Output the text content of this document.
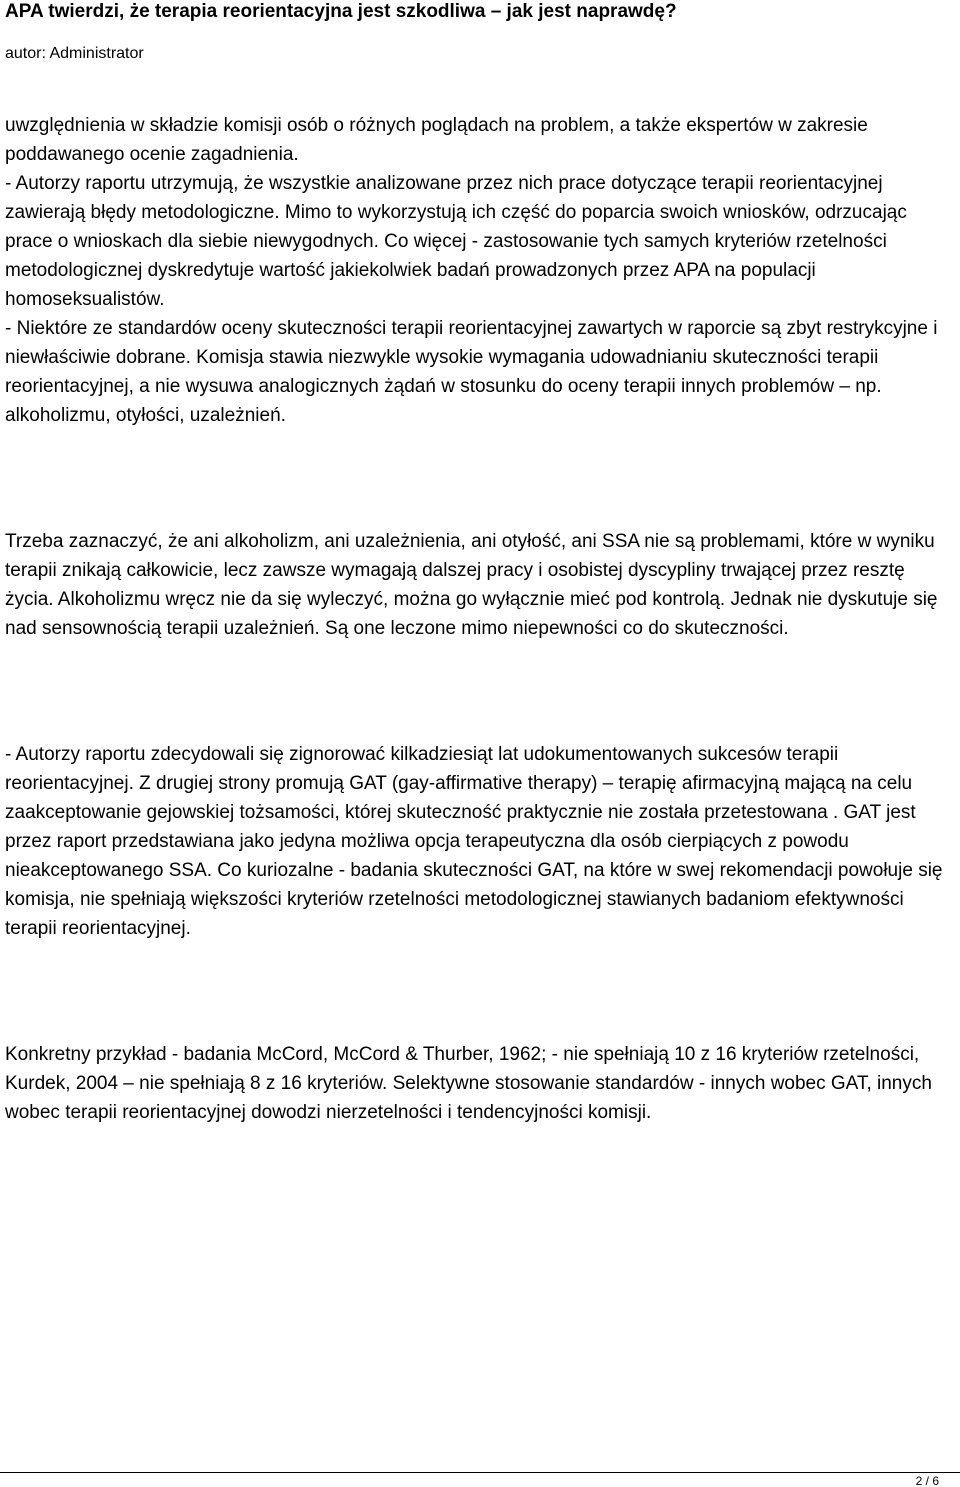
APA twierdzi, że terapia reorientacyjna jest szkodliwa – jak jest naprawdę?
autor: Administrator

uwzględnienia w składzie komisji osób o różnych poglądach na problem, a także ekspertów w zakresie poddawanego ocenie zagadnienia.
- Autorzy raportu utrzymują, że wszystkie analizowane przez nich prace dotyczące terapii reorientacyjnej zawierają błędy metodologiczne. Mimo to wykorzystują ich część do poparcia swoich wniosków, odrzucając prace o wnioskach dla siebie niewygodnych. Co więcej - zastosowanie tych samych kryteriów rzetelności metodologicznej dyskredytuje wartość jakiekolwiek badań prowadzonych przez APA na populacji homoseksualistów.
- Niektóre ze standardów oceny skuteczności terapii reorientacyjnej zawartych w raporcie są zbyt restrykcyjne i niewłaściwie dobrane. Komisja stawia niezwykle wysokie wymagania udowadnianiu skuteczności terapii reorientacyjnej, a nie wysuwa analogicznych żądań w stosunku do oceny terapii innych problemów – np. alkoholizmu, otyłości, uzależnień.

Trzeba zaznaczyć, że ani alkoholizm, ani uzależnienia, ani otyłość, ani SSA nie są problemami, które w wyniku terapii znikają całkowicie, lecz zawsze wymagają dalszej pracy i osobistej dyscypliny trwającej przez resztę życia. Alkoholizmu wręcz nie da się wyleczyć, można go wyłącznie mieć pod kontrolą. Jednak nie dyskutuje się nad sensownością terapii uzależnień. Są one leczone mimo niepewności co do skuteczności.

- Autorzy raportu zdecydowali się zignorować kilkadziesiąt lat udokumentowanych sukcesów terapii reorientacyjnej. Z drugiej strony promują GAT (gay-affirmative therapy) – terapię afirmacyjną mającą na celu zaakceptowanie gejowskiej tożsamości, której skuteczność praktycznie nie została przetestowana . GAT jest przez raport przedstawiana jako jedyna możliwa opcja terapeutyczna dla osób cierpiących z powodu nieakceptowanego SSA. Co kuriozalne - badania skuteczności GAT, na które w swej rekomendacji powołuje się komisja, nie spełniają większości kryteriów rzetelności metodologicznej stawianych badaniom efektywności terapii reorientacyjnej.

Konkretny przykład - badania McCord, McCord & Thurber, 1962; - nie spełniają 10 z 16 kryteriów rzetelności, Kurdek, 2004 – nie spełniają 8 z 16 kryteriów. Selektywne stosowanie standardów - innych wobec GAT, innych wobec terapii reorientacyjnej dowodzi nierzetelności i tendencyjności komisji.

2 / 6
